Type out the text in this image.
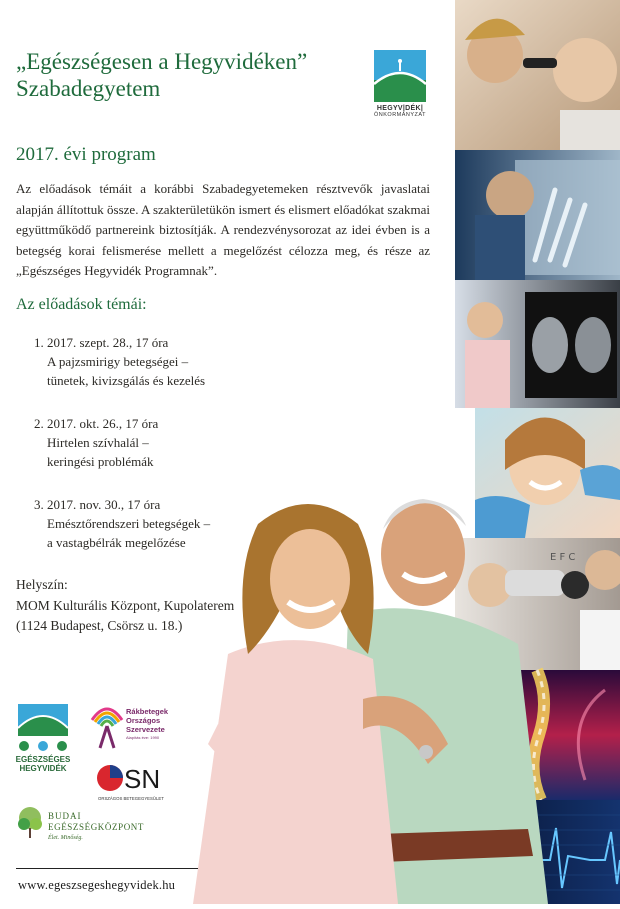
„Egészségesen a Hegyvidéken”
Szabadegyetem
HEGYV|DÉK|
ÖNKORMÁNYZAT
2017. évi program
Az előadások témáit a korábbi Szabadegyetemeken résztvevők javaslatai alapján állítottuk össze. A szakterületükön ismert és elismert előadókat szakmai együttműködő partnereink biztosítják. A rendezvénysorozat az idei évben is a betegség korai felismerése mellett a megelőzést célozza meg, és része az „Egészséges Hegyvidék Programnak”.
Az előadások témái:
1. 2017. szept. 28., 17 óra
A pajzsmirigy betegségei –
tünetek, kivizsgálás és kezelés
2. 2017. okt. 26., 17 óra
Hirtelen szívhalál –
keringési problémák
3. 2017. nov. 30., 17 óra
Emésztőrendszeri betegségek –
a vastagbélrák megelőzése
Helyszín:
MOM Kulturális Központ, Kupolaterem
(1124 Budapest, Csörsz u. 18.)
E F C
EGÉSZSÉGES
HEGYVIDÉK
Rákbetegek
Országos
Szervezete
Alapítás éve: 1990
SN
ORSZÁGOS BETEGEGYESÜLET
BUDAI
EGÉSZSÉGKÖZPONT
Élet. Minőség.
www.egeszsegeshegyvidek.hu
